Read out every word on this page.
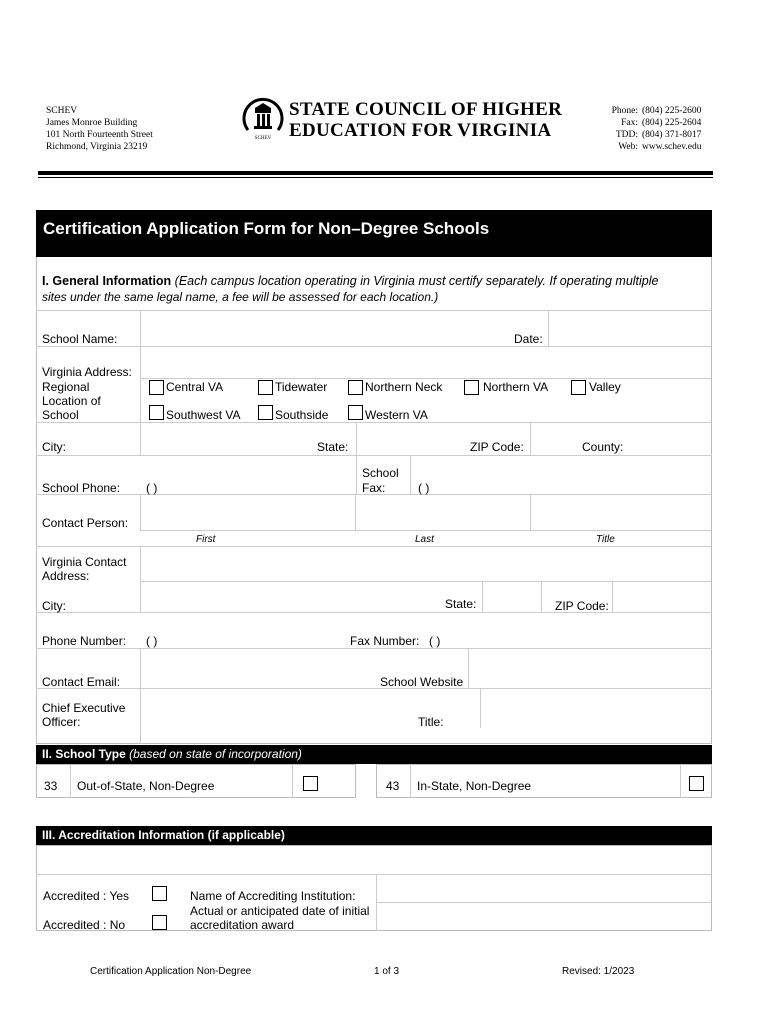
SCHEV
James Monroe Building
101 North Fourteenth Street
Richmond, Virginia 23219
SCHEV
STATE COUNCIL OF HIGHER
EDUCATION FOR VIRGINIA
Phone: (804) 225-2600
Fax: (804) 225-2604
TDD: (804) 371-8017
Web: www.schev.edu
Certification Application Form for Non–Degree Schools
I. General Information (Each campus location operating in Virginia must certify separately. If operating multiple
sites under the same legal name, a fee will be assessed for each location.)
School Name:	Date:
Virginia Address:
Regional
Location of
School
Central VA	Tidewater	Northern Neck	Northern VA	Valley
Southwest VA	Southside	Western VA
City:	State:	ZIP Code:	County:
School Phone: ( )
School
Fax:	( )
Contact Person:
First	Last	Title
Virginia Contact
Address:
City:	State:	ZIP Code:
Phone Number: ( )	Fax Number: ( )
Contact Email:	School Website
Chief Executive
Officer:	Title:
II. School Type (based on state of incorporation)
33 Out-of-State, Non-Degree	43 In-State, Non-Degree
III. Accreditation Information (if applicable)
Accredited : Yes
Accredited : No
Name of Accrediting Institution:
Actual or anticipated date of initial
accreditation award
Certification Application Non-Degree	1 of 3	Revised: 1/2023
